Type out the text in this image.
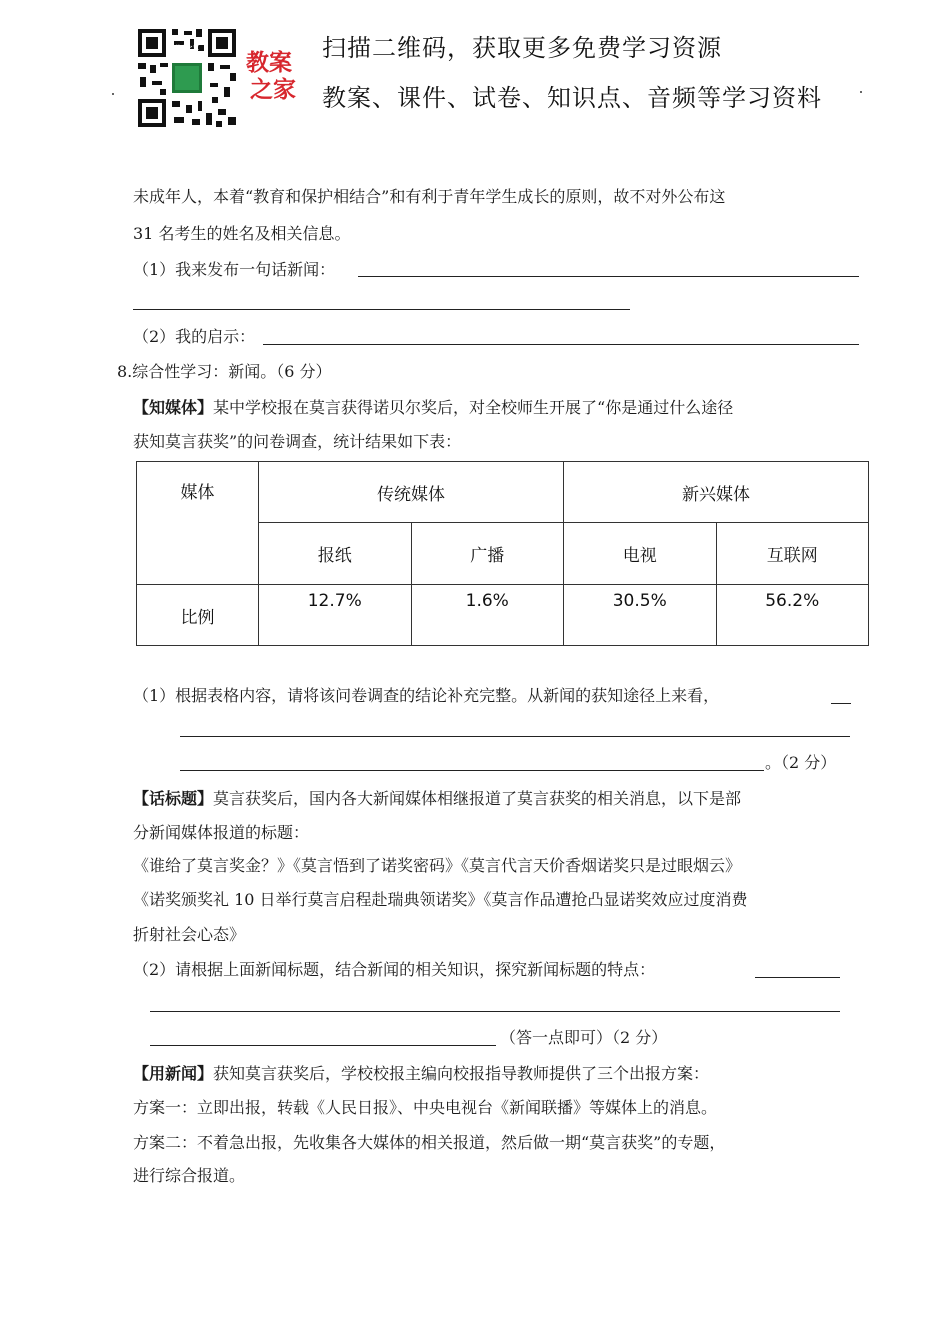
教案之家
教案
之家
扫描二维码，获取更多免费学习资源
教案、课件、试卷、知识点、音频等学习资料
未成年人，本着“教育和保护相结合”和有利于青年学生成长的原则，故不对外公布这
31 名考生的姓名及相关信息。
（1）我来发布一句话新闻：
（2）我的启示：
8.综合性学习：新闻。（6 分）
【知媒体】某中学校报在莫言获得诺贝尔奖后，对全校师生开展了“你是通过什么途径
获知莫言获奖”的问卷调查，统计结果如下表：
媒体	传统媒体		新兴媒体	
	报纸	广播	电视	互联网
比例	12.7%	1.6%	30.5%	56.2%
（1）根据表格内容，请将该问卷调查的结论补充完整。从新闻的获知途径上来看，
。（2 分）
【话标题】莫言获奖后，国内各大新闻媒体相继报道了莫言获奖的相关消息，以下是部
分新闻媒体报道的标题：
《谁给了莫言奖金？》《莫言悟到了诺奖密码》《莫言代言天价香烟诺奖只是过眼烟云》
《诺奖颁奖礼 10 日举行莫言启程赴瑞典领诺奖》《莫言作品遭抢凸显诺奖效应过度消费
折射社会心态》
（2）请根据上面新闻标题，结合新闻的相关知识，探究新闻标题的特点：
（答一点即可）（2 分）
【用新闻】获知莫言获奖后，学校校报主编向校报指导教师提供了三个出报方案：
方案一：立即出报，转载《人民日报》、中央电视台《新闻联播》等媒体上的消息。
方案二：不着急出报，先收集各大媒体的相关报道，然后做一期“莫言获奖”的专题，
进行综合报道。
